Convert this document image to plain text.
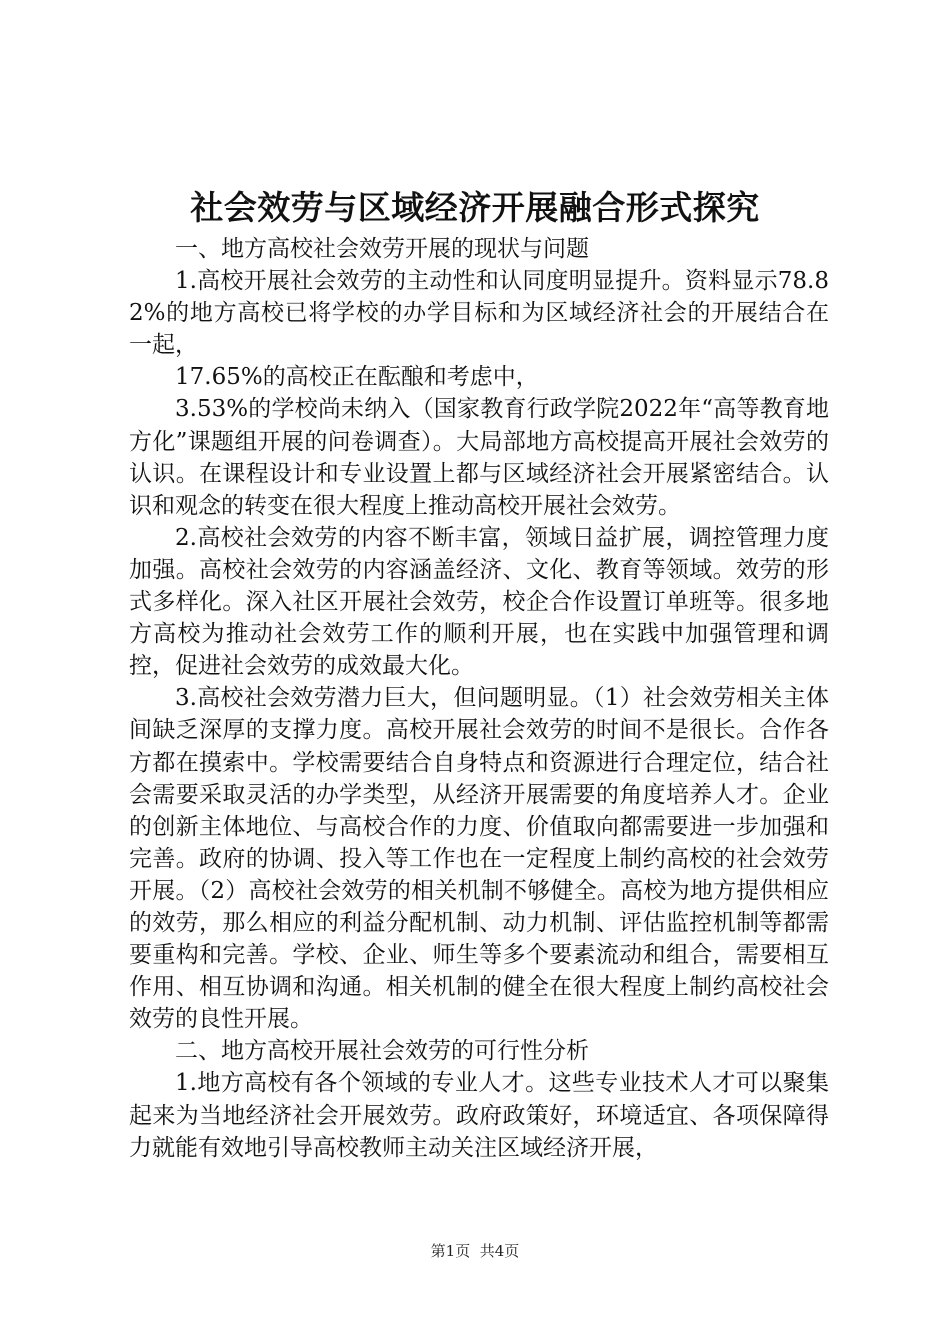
社会效劳与区域经济开展融合形式探究

一、地方高校社会效劳开展的现状与问题

1.高校开展社会效劳的主动性和认同度明显提升。资料显示78.82%的地方高校已将学校的办学目标和为区域经济社会的开展结合在一起，

17.65%的高校正在酝酿和考虑中，

3.53%的学校尚未纳入（国家教育行政学院2022年“高等教育地方化”课题组开展的问卷调查）。大局部地方高校提高开展社会效劳的认识。在课程设计和专业设置上都与区域经济社会开展紧密结合。认识和观念的转变在很大程度上推动高校开展社会效劳。

2.高校社会效劳的内容不断丰富，领域日益扩展，调控管理力度加强。高校社会效劳的内容涵盖经济、文化、教育等领域。效劳的形式多样化。深入社区开展社会效劳，校企合作设置订单班等。很多地方高校为推动社会效劳工作的顺利开展，也在实践中加强管理和调控，促进社会效劳的成效最大化。

3.高校社会效劳潜力巨大，但问题明显。（1）社会效劳相关主体间缺乏深厚的支撑力度。高校开展社会效劳的时间不是很长。合作各方都在摸索中。学校需要结合自身特点和资源进行合理定位，结合社会需要采取灵活的办学类型，从经济开展需要的角度培养人才。企业的创新主体地位、与高校合作的力度、价值取向都需要进一步加强和完善。政府的协调、投入等工作也在一定程度上制约高校的社会效劳开展。（2）高校社会效劳的相关机制不够健全。高校为地方提供相应的效劳，那么相应的利益分配机制、动力机制、评估监控机制等都需要重构和完善。学校、企业、师生等多个要素流动和组合，需要相互作用、相互协调和沟通。相关机制的健全在很大程度上制约高校社会效劳的良性开展。

二、地方高校开展社会效劳的可行性分析

1.地方高校有各个领域的专业人才。这些专业技术人才可以聚集起来为当地经济社会开展效劳。政府政策好，环境适宜、各项保障得力就能有效地引导高校教师主动关注区域经济开展，

第1页 共4页
